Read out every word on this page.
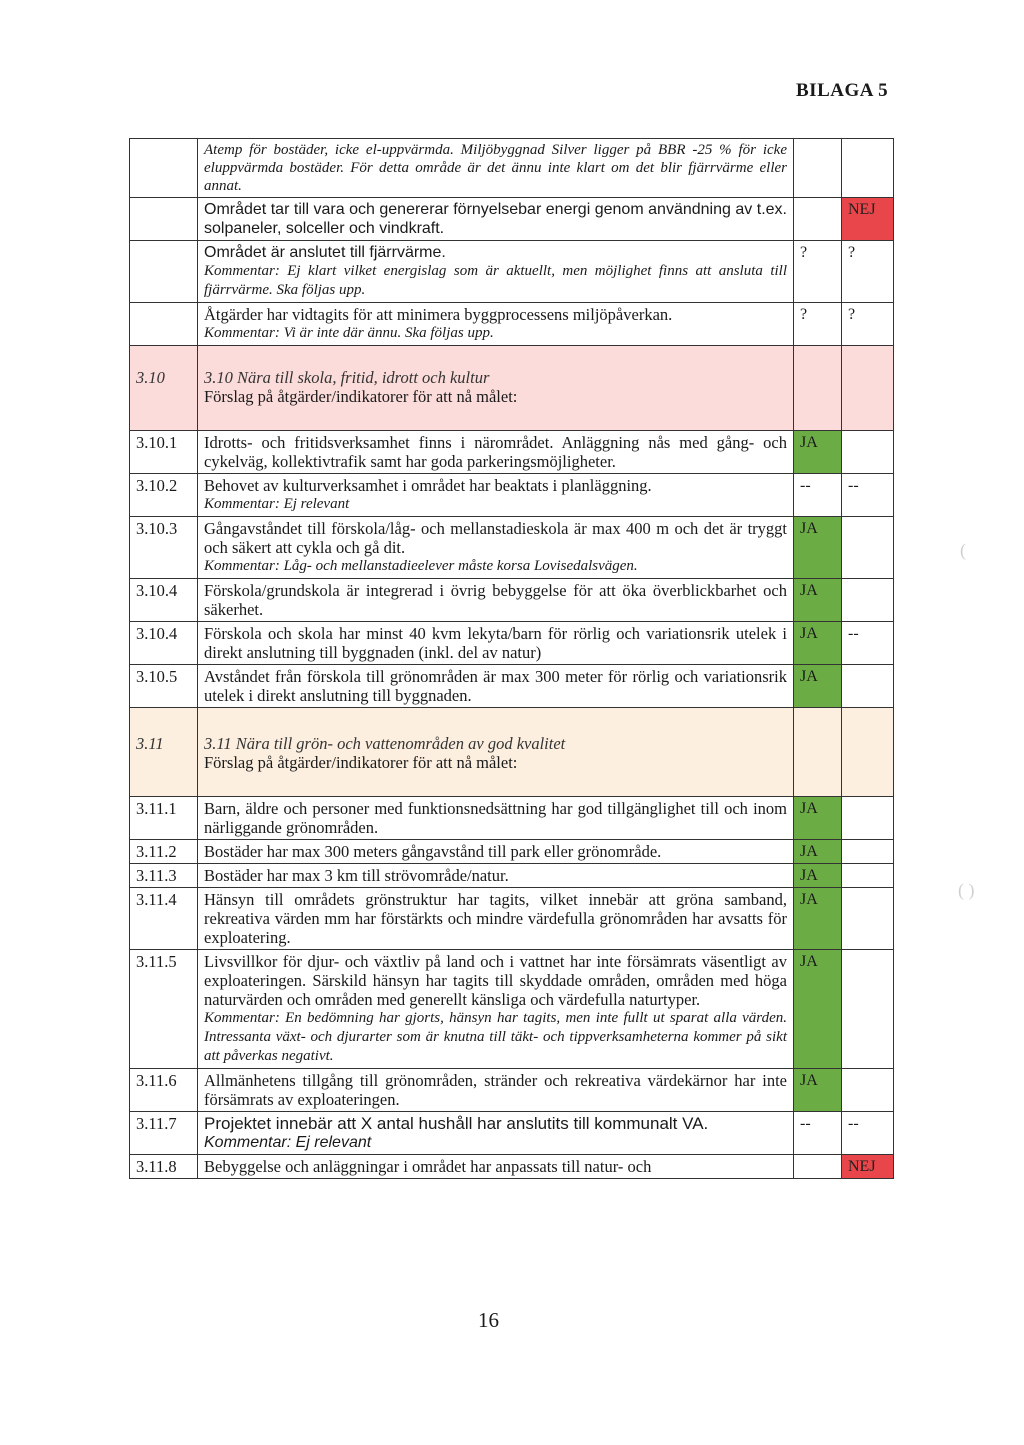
BILAGA 5

	Atemp för bostäder, icke el-uppvärmda. Miljöbyggnad Silver ligger på BBR -25 % för icke eluppvärmda bostäder. För detta område är det ännu inte klart om det blir fjärrvärme eller annat.		

	Området tar till vara och genererar förnyelsebar energi genom användning av t.ex. solpaneler, solceller och vindkraft.		NEJ

	Området är anslutet till fjärrvärme.
Kommentar: Ej klart vilket energislag som är aktuellt, men möjlighet finns att ansluta till fjärrvärme. Ska följas upp.	?	?

	Åtgärder har vidtagits för att minimera byggprocessens miljöpåverkan.
Kommentar: Vi är inte där ännu. Ska följas upp.	?	?
3.10	3.10 Nära till skola, fritid, idrott och kultur
Förslag på åtgärder/indikatorer för att nå målet:		

3.10.1	Idrotts- och fritidsverksamhet finns i närområdet. Anläggning nås med gång- och cykelväg, kollektivtrafik samt har goda parkeringsmöjligheter.	JA	
3.10.2	Behovet av kulturverksamhet i området har beaktats i planläggning.
Kommentar: Ej relevant	--	--
3.10.3	Gångavståndet till förskola/låg- och mellanstadieskola är max 400 m och det är tryggt och säkert att cykla och gå dit.
Kommentar: Låg- och mellanstadieelever måste korsa Lovisedalsvägen.	JA	
3.10.4	Förskola/grundskola är integrerad i övrig bebyggelse för att öka överblickbarhet och säkerhet.	JA	
3.10.4	Förskola och skola har minst 40 kvm lekyta/barn för rörlig och variationsrik utelek i direkt anslutning till byggnaden (inkl. del av natur)	JA	--
3.10.5	Avståndet från förskola till grönområden är max 300 meter för rörlig och variationsrik utelek i direkt anslutning till byggnaden.	JA	
3.11	3.11 Nära till grön- och vattenområden av god kvalitet
Förslag på åtgärder/indikatorer för att nå målet:		

3.11.1	Barn, äldre och personer med funktionsnedsättning har god tillgänglighet till och inom närliggande grönområden.	JA	
3.11.2	Bostäder har max 300 meters gångavstånd till park eller grönområde.	JA	
3.11.3	Bostäder har max 3 km till strövområde/natur.	JA	
3.11.4	Hänsyn till områdets grönstruktur har tagits, vilket innebär att gröna samband, rekreativa värden mm har förstärkts och mindre värdefulla grönområden har avsatts för exploatering.	JA	
3.11.5	Livsvillkor för djur- och växtliv på land och i vattnet har inte försämrats väsentligt av exploateringen. Särskild hänsyn har tagits till skyddade områden, områden med höga naturvärden och områden med generellt känsliga och värdefulla naturtyper.
Kommentar: En bedömning har gjorts, hänsyn har tagits, men inte fullt ut sparat alla värden. Intressanta växt- och djurarter som är knutna till täkt- och tippverksamheterna kommer på sikt att påverkas negativt.	JA	
3.11.6	Allmänhetens tillgång till grönområden, stränder och rekreativa värdekärnor har inte försämrats av exploateringen.	JA	
3.11.7	Projektet innebär att X antal hushåll har anslutits till kommunalt VA.
Kommentar: Ej relevant	--	--
3.11.8	Bebyggelse och anläggningar i området har anpassats till natur- och		NEJ
16
(
( )
